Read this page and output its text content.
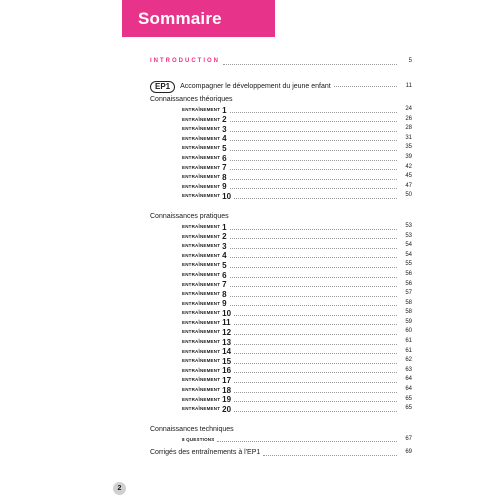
Sommaire
INTRODUCTION	5
EP1	Accompagner le développement du jeune enfant	11
Connaissances théoriques
ENTRAÎNEMENT 1	24
ENTRAÎNEMENT 2	26
ENTRAÎNEMENT 3	28
ENTRAÎNEMENT 4	31
ENTRAÎNEMENT 5	35
ENTRAÎNEMENT 6	39
ENTRAÎNEMENT 7	42
ENTRAÎNEMENT 8	45
ENTRAÎNEMENT 9	47
ENTRAÎNEMENT 10	50
Connaissances pratiques
ENTRAÎNEMENT 1	53
ENTRAÎNEMENT 2	53
ENTRAÎNEMENT 3	54
ENTRAÎNEMENT 4	54
ENTRAÎNEMENT 5	55
ENTRAÎNEMENT 6	56
ENTRAÎNEMENT 7	56
ENTRAÎNEMENT 8	57
ENTRAÎNEMENT 9	58
ENTRAÎNEMENT 10	58
ENTRAÎNEMENT 11	59
ENTRAÎNEMENT 12	60
ENTRAÎNEMENT 13	61
ENTRAÎNEMENT 14	61
ENTRAÎNEMENT 15	62
ENTRAÎNEMENT 16	63
ENTRAÎNEMENT 17	64
ENTRAÎNEMENT 18	64
ENTRAÎNEMENT 19	65
ENTRAÎNEMENT 20	65
Connaissances techniques
8 QUESTIONS	67
Corrigés des entraînements à l'EP1	69
2
